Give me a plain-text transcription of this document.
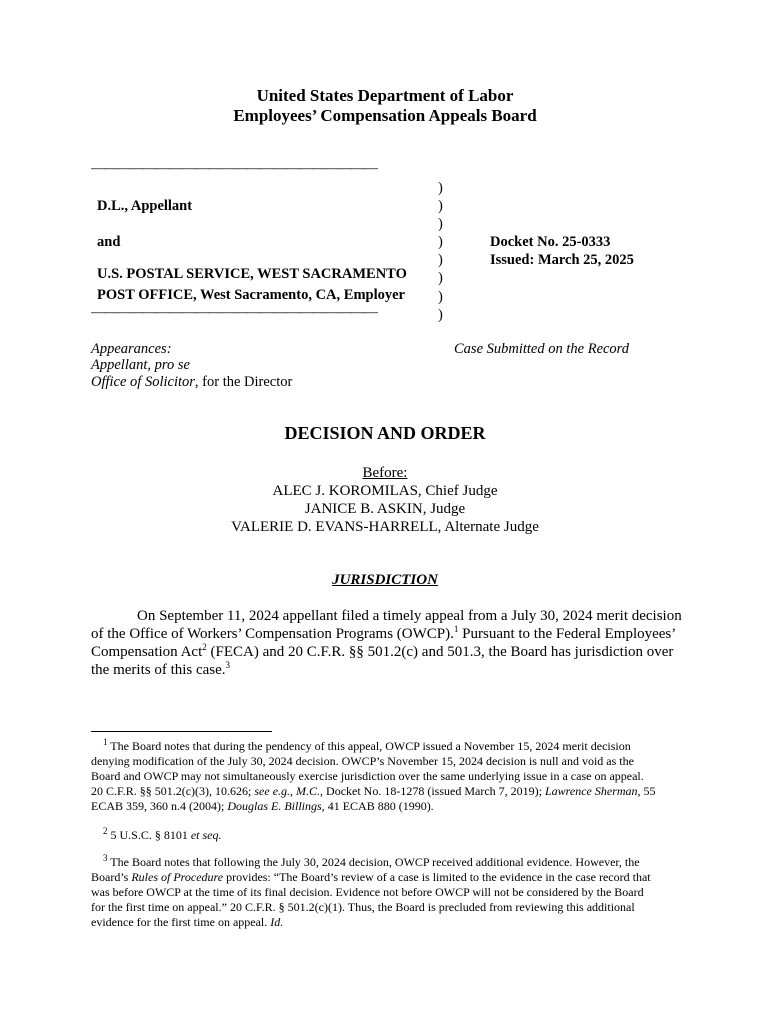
United States Department of Labor
Employees’ Compensation Appeals Board
——————————————————————
D.L., Appellant
and
U.S. POSTAL SERVICE, WEST SACRAMENTO
POST OFFICE, West Sacramento, CA, Employer
——————————————————————
)
)
)
)
)
)
)
)
Docket No. 25-0333
Issued: March 25, 2025
Appearances:
Appellant, pro se
Office of Solicitor, for the Director
Case Submitted on the Record
DECISION AND ORDER
Before:
ALEC J. KOROMILAS, Chief Judge
JANICE B. ASKIN, Judge
VALERIE D. EVANS-HARRELL, Alternate Judge
JURISDICTION
On September 11, 2024 appellant filed a timely appeal from a July 30, 2024 merit decision
of the Office of Workers’ Compensation Programs (OWCP).$^1$ Pursuant to the Federal Employees’
Compensation Act$^2$ (FECA) and 20 C.F.R. §§ 501.2(c) and 501.3, the Board has jurisdiction over
the merits of this case.$^3$
$^1$ The Board notes that during the pendency of this appeal, OWCP issued a November 15, 2024 merit decision
denying modification of the July 30, 2024 decision. OWCP’s November 15, 2024 decision is null and void as the
Board and OWCP may not simultaneously exercise jurisdiction over the same underlying issue in a case on appeal.
20 C.F.R. §§ 501.2(c)(3), 10.626; see e.g., M.C., Docket No. 18-1278 (issued March 7, 2019); Lawrence Sherman, 55
ECAB 359, 360 n.4 (2004); Douglas E. Billings, 41 ECAB 880 (1990).
$^2$ 5 U.S.C. § 8101 et seq.
$^3$ The Board notes that following the July 30, 2024 decision, OWCP received additional evidence. However, the
Board’s Rules of Procedure provides: “The Board’s review of a case is limited to the evidence in the case record that
was before OWCP at the time of its final decision. Evidence not before OWCP will not be considered by the Board
for the first time on appeal.” 20 C.F.R. § 501.2(c)(1). Thus, the Board is precluded from reviewing this additional
evidence for the first time on appeal. Id.
